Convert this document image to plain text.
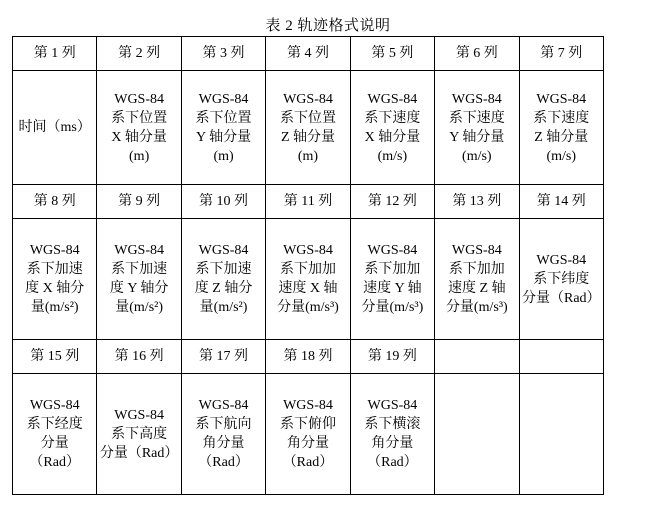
表 2 轨迹格式说明
第 1 列	第 2 列	第 3 列	第 4 列	第 5 列	第 6 列	第 7 列
时间（ms）	WGS-84
系下位置
X 轴分量
(m)	WGS-84
系下位置
Y 轴分量
(m)	WGS-84
系下位置
Z 轴分量
(m)	WGS-84
系下速度
X 轴分量
(m/s)	WGS-84
系下速度
Y 轴分量
(m/s)	WGS-84
系下速度
Z 轴分量
(m/s)
第 8 列	第 9 列	第 10 列	第 11 列	第 12 列	第 13 列	第 14 列
WGS-84
系下加速
度 X 轴分
量(m/s²)	WGS-84
系下加速
度 Y 轴分
量(m/s²)	WGS-84
系下加速
度 Z 轴分
量(m/s²)	WGS-84
系下加加
速度 X 轴
分量(m/s³)	WGS-84
系下加加
速度 Y 轴
分量(m/s³)	WGS-84
系下加加
速度 Z 轴
分量(m/s³)	WGS-84
系下纬度
分量（Rad）
第 15 列	第 16 列	第 17 列	第 18 列	第 19 列		
WGS-84
系下经度
分量
（Rad）	WGS-84
系下高度
分量（Rad）	WGS-84
系下航向
角分量
（Rad）	WGS-84
系下俯仰
角分量
（Rad）	WGS-84
系下横滚
角分量
（Rad）		
